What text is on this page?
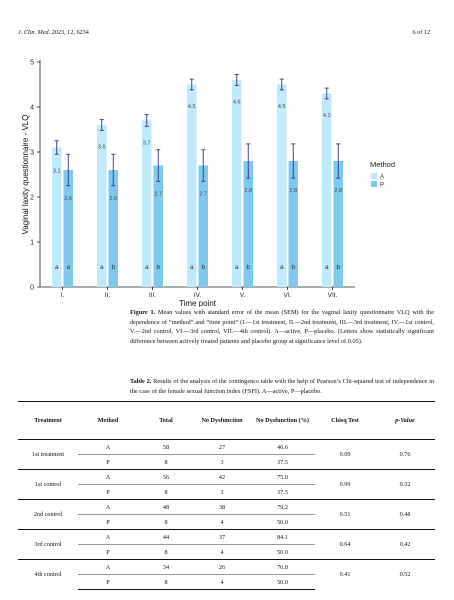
J. Clin. Med. 2023, 12, 6234	6 of 12
0
1
2
3
4
5
I.
3.1
a
2.6
a
II.
3.6
a
2.6
b
III.
3.7
a
2.7
b
IV.
4.5
a
2.7
b
V.
4.6
a
2.8
b
VI.
4.5
a
2.8
b
VII.
4.3
a
2.8
b
Time point
Vaginal laxity questionnaire - VLQ	Method
A
P
Figure 1. Mean values with standard error of the mean (SEM) for the vaginal laxity questionnaire VLQ with the dependence of “method” and “time point” (I.—1st treatment, II.—2nd treatment, III.—3rd treatment, IV.—1st control, V.—2nd control, VI.—3rd control, VII.—4th control). A—active, P—placebo. (Letters show statistically significant difference between actively treated patients and placebo group at significance level of 0.05).
Table 2. Results of the analysis of the contingence table with the help of Pearson’s Chi-squared test of independence in the case of the female sexual function index (FSFI). A—active, P—placebo.
Treatment	Method	Total	No Dysfunction	No Dysfunction (%)	Chisq Test	p-Value
1st treatment	A	58	27	46.6	0.09	0.76
	P	8	3	37.5		
1st control	A	56	42	75.0	0.99	0.32
	P	8	3	37.5		
2nd control	A	48	38	79.2	0.51	0.48
	P	8	4	50.0		
3rd control	A	44	37	84.1	0.64	0.42
	P	8	4	50.0		
4th control	A	34	26	76.8	0.41	0.52
	P	8	4	50.0		
